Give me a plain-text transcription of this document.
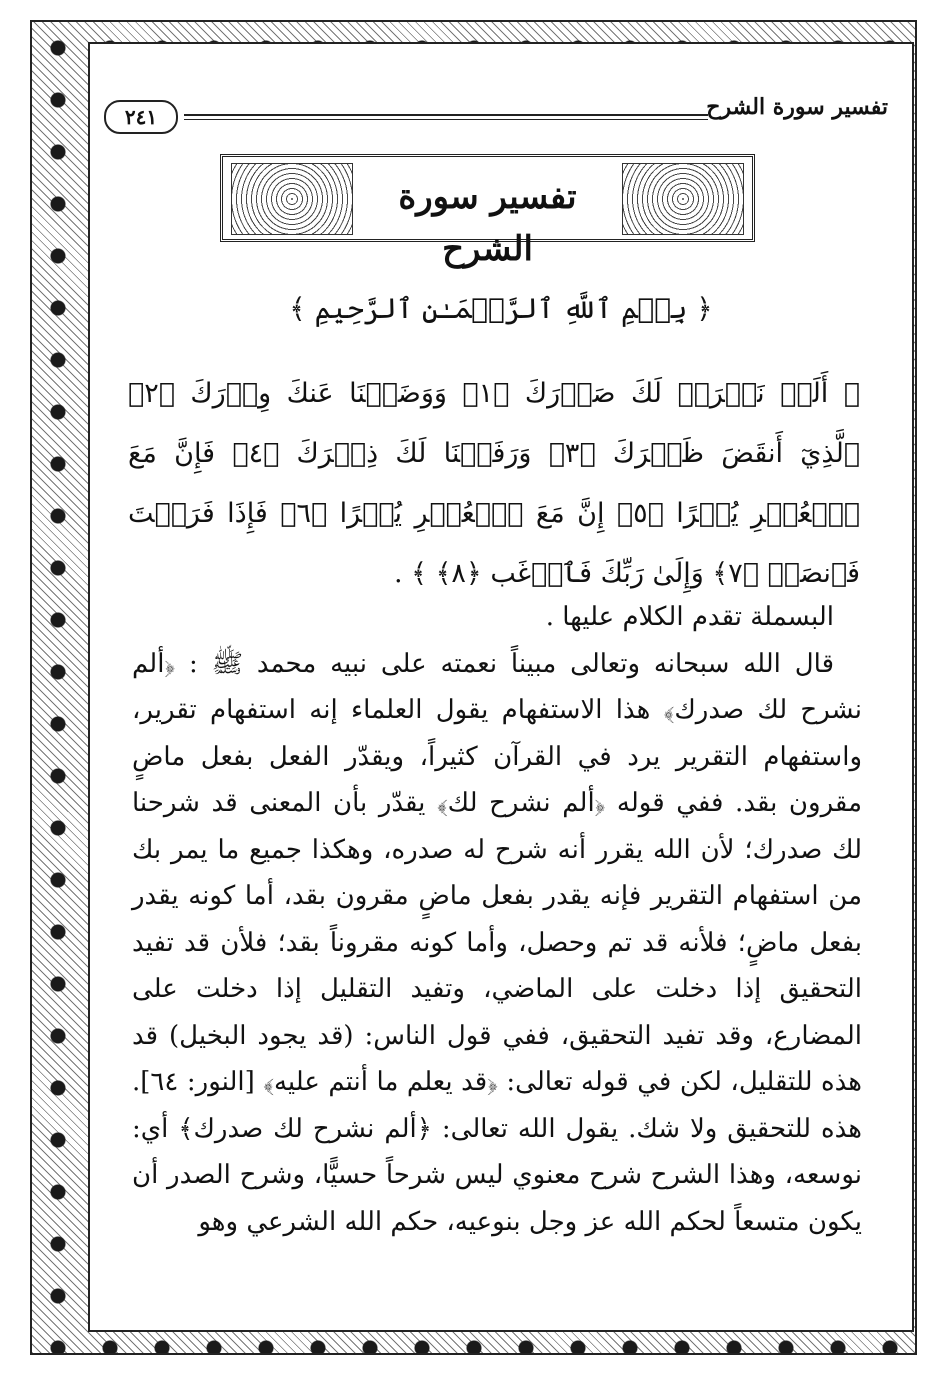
تفسير سورة الشرح
٢٤١
تفسير سورة الشرح
﴿ بِسۡمِ ٱللَّهِ ٱلرَّحۡمَـٰنِ ٱلرَّحِيمِ ﴾
﴿ أَلَمۡ نَشۡرَحۡ لَكَ صَدۡرَكَ ﴿١﴾ وَوَضَعۡنَا عَنكَ وِزۡرَكَ ﴿٢﴾ ٱلَّذِيٓ أَنقَضَ ظَهۡرَكَ ﴿٣﴾ وَرَفَعۡنَا لَكَ ذِكۡرَكَ ﴿٤﴾ فَإِنَّ مَعَ ٱلۡعُسۡرِ يُسۡرًا ﴿٥﴾ إِنَّ مَعَ ٱلۡعُسۡرِ يُسۡرًا ﴿٦﴾ فَإِذَا فَرَغۡتَ فَٱنصَبۡ ﴿٧﴾ وَإِلَىٰ رَبِّكَ فَٱرۡغَب ﴿٨﴾ ﴾ .

البسملة تقدم الكلام عليها .

قال الله سبحانه وتعالى مبيناً نعمته على نبيه محمد ﷺ : ﴿ألم نشرح لك صدرك﴾ هذا الاستفهام يقول العلماء إنه استفهام تقرير، واستفهام التقرير يرد في القرآن كثيراً، ويقدّر الفعل بفعل ماضٍ مقرون بقد. ففي قوله ﴿ألم نشرح لك﴾ يقدّر بأن المعنى قد شرحنا لك صدرك؛ لأن الله يقرر أنه شرح له صدره، وهكذا جميع ما يمر بك من استفهام التقرير فإنه يقدر بفعل ماضٍ مقرون بقد، أما كونه يقدر بفعل ماضٍ؛ فلأنه قد تم وحصل، وأما كونه مقروناً بقد؛ فلأن قد تفيد التحقيق إذا دخلت على الماضي، وتفيد التقليل إذا دخلت على المضارع، وقد تفيد التحقيق، ففي قول الناس: (قد يجود البخيل) قد هذه للتقليل، لكن في قوله تعالى: ﴿قد يعلم ما أنتم عليه﴾ [النور: ٦٤]. هذه للتحقيق ولا شك. يقول الله تعالى: ﴿ألم نشرح لك صدرك﴾ أي: نوسعه، وهذا الشرح شرح معنوي ليس شرحاً حسيًّا، وشرح الصدر أن يكون متسعاً لحكم الله عز وجل بنوعيه، حكم الله الشرعي وهو
